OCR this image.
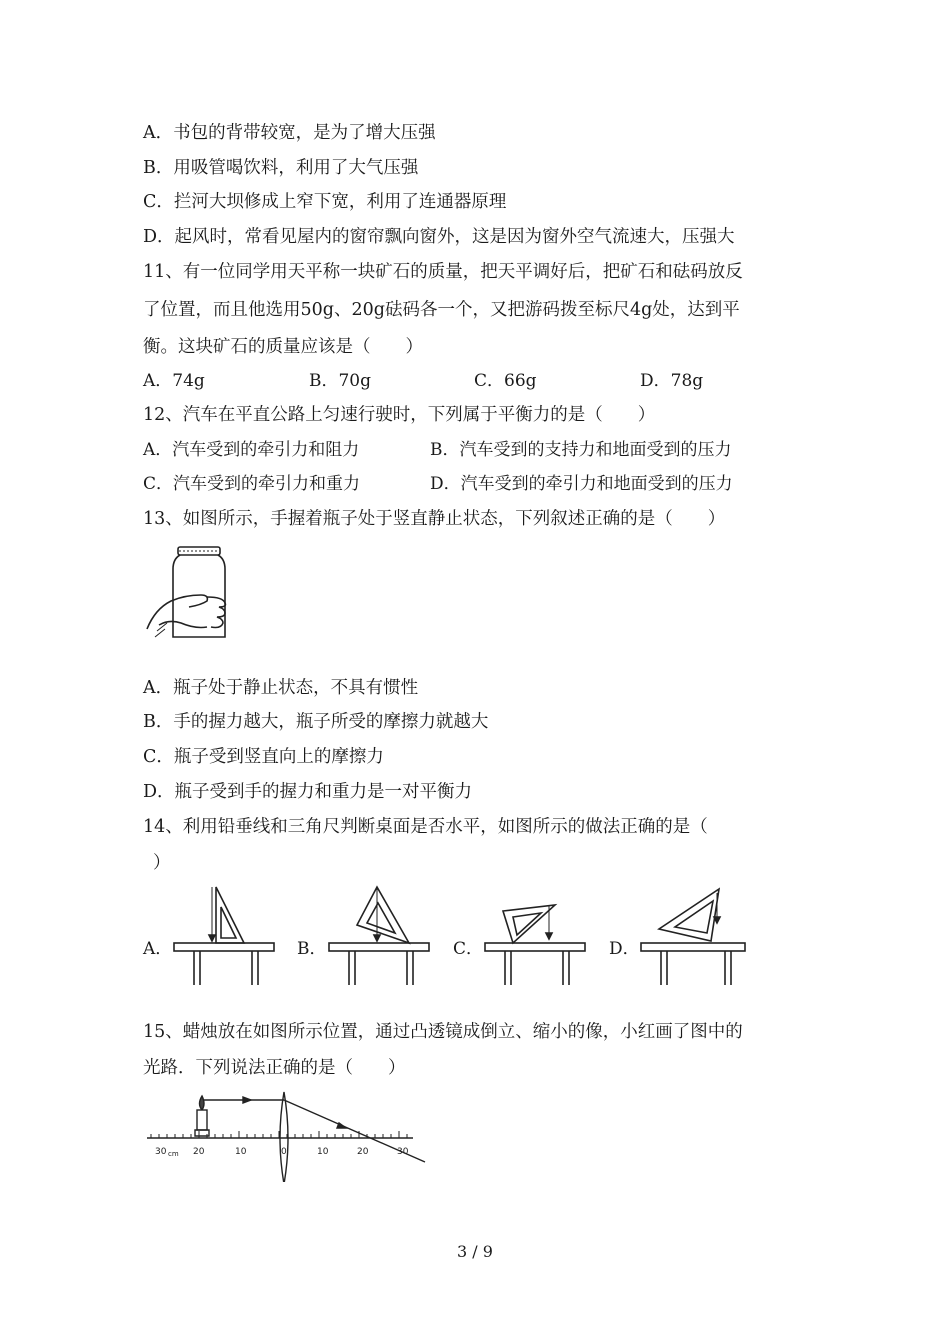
A．书包的背带较宽，是为了增大压强
B．用吸管喝饮料，利用了大气压强
C．拦河大坝修成上窄下宽，利用了连通器原理
D．起风时，常看见屋内的窗帘飘向窗外，这是因为窗外空气流速大，压强大
11、有一位同学用天平称一块矿石的质量，把天平调好后，把矿石和砝码放反
了位置，而且他选用50g、20g砝码各一个，又把游码拨至标尺4g处，达到平
衡。这块矿石的质量应该是（　　）
A．74g	B．70g	C．66g	D．78g
12、汽车在平直公路上匀速行驶时，下列属于平衡力的是（　　）
A．汽车受到的牵引力和阻力	B．汽车受到的支持力和地面受到的压力
C．汽车受到的牵引力和重力	D．汽车受到的牵引力和地面受到的压力
13、如图所示，手握着瓶子处于竖直静止状态，下列叙述正确的是（　　）
A．瓶子处于静止状态，不具有惯性
B．手的握力越大，瓶子所受的摩擦力就越大
C．瓶子受到竖直向上的摩擦力
D．瓶子受到手的握力和重力是一对平衡力
14、利用铅垂线和三角尺判断桌面是否水平，如图所示的做法正确的是（
）
A．	B．	C．	D．
15、蜡烛放在如图所示位置，通过凸透镜成倒立、缩小的像，小红画了图中的
光路．下列说法正确的是（　　）
30 cm 20	10	0	10	20	30
3 / 9
